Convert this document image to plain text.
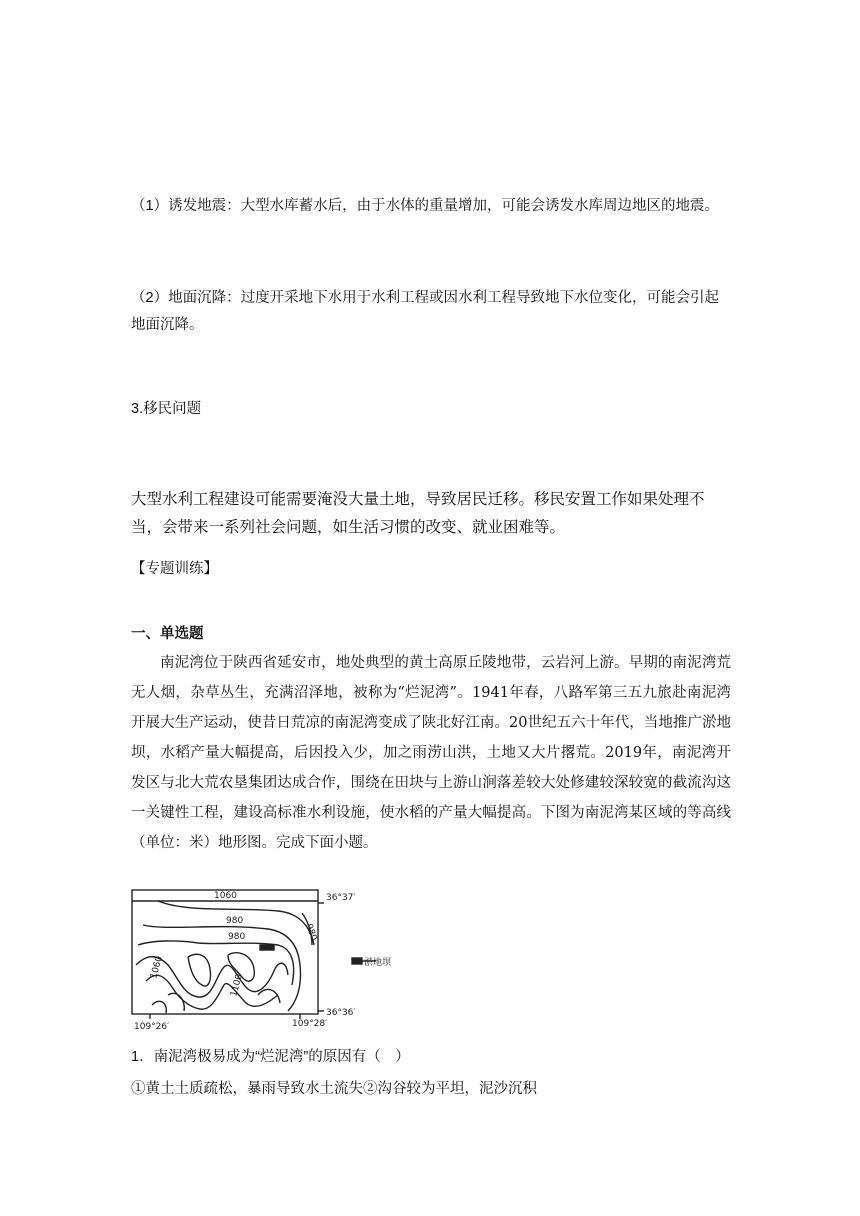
（1）诱发地震：大型水库蓄水后，由于水体的重量增加，可能会诱发水库周边地区的地震。

（2）地面沉降：过度开采地下水用于水利工程或因水利工程导致地下水位变化，可能会引起地面沉降。

3.移民问题

大型水利工程建设可能需要淹没大量土地，导致居民迁移。移民安置工作如果处理不当，会带来一系列社会问题，如生活习惯的改变、就业困难等。

【专题训练】

一、单选题

南泥湾位于陕西省延安市，地处典型的黄土高原丘陵地带，云岩河上游。早期的南泥湾荒无人烟，杂草丛生，充满沼泽地，被称为“烂泥湾”。1941年春，八路军第三五九旅赴南泥湾开展大生产运动，使昔日荒凉的南泥湾变成了陕北好江南。20世纪五六十年代，当地推广淤地坝，水稻产量大幅提高，后因投入少，加之雨涝山洪，土地又大片撂荒。2019年，南泥湾开发区与北大荒农垦集团达成合作，围绕在田块与上游山涧落差较大处修建较深较宽的截流沟这一关键性工程，建设高标准水利设施，使水稻的产量大幅提高。下图为南泥湾某区域的等高线（单位：米）地形图。完成下面小题。

1060
980
980
1060
1100
980
36°37′
36°36′
109°26′	109°28′
淤地坝

1．南泥湾极易成为“烂泥湾”的原因有（　）

①黄土土质疏松，暴雨导致水土流失②沟谷较为平坦，泥沙沉积
